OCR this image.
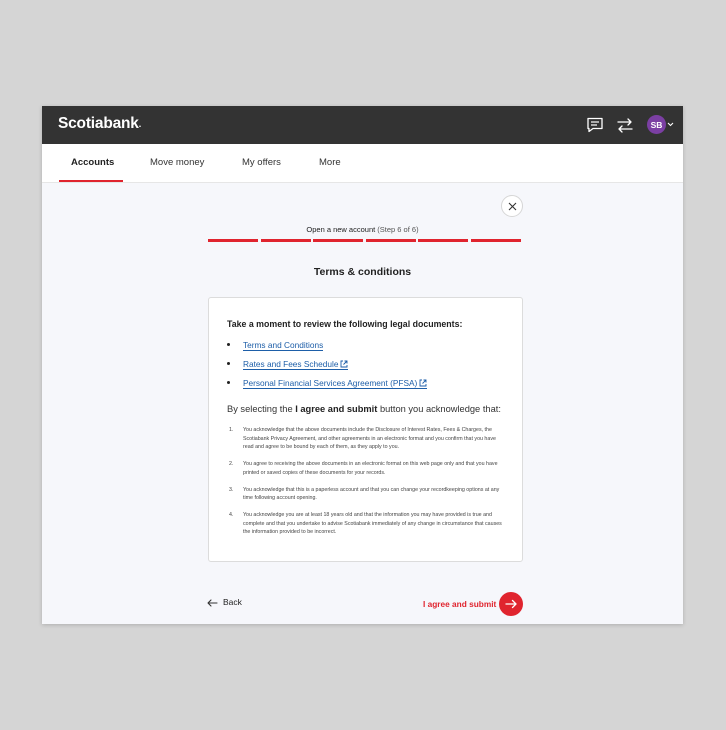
Scotiabank.	SB
Accounts	Move money	My offers	More
Open a new account (Step 6 of 6)
Terms & conditions
Take a moment to review the following legal documents:
Terms and Conditions
Rates and Fees Schedule
Personal Financial Services Agreement (PFSA)
By selecting the I agree and submit button you acknowledge that:
1. You acknowledge that the above documents include the Disclosure of Interest Rates, Fees & Charges, the Scotiabank Privacy Agreement, and other agreements in an electronic format and you confirm that you have read and agree to be bound by each of them, as they apply to you.
2. You agree to receiving the above documents in an electronic format on this web page only and that you have printed or saved copies of these documents for your records.
3. You acknowledge that this is a paperless account and that you can change your recordkeeping options at any time following account opening.
4. You acknowledge you are at least 18 years old and that the information you may have provided is true and complete and that you undertake to advise Scotiabank immediately of any change in circumstance that causes the information provided to be incorrect.
Back	I agree and submit
